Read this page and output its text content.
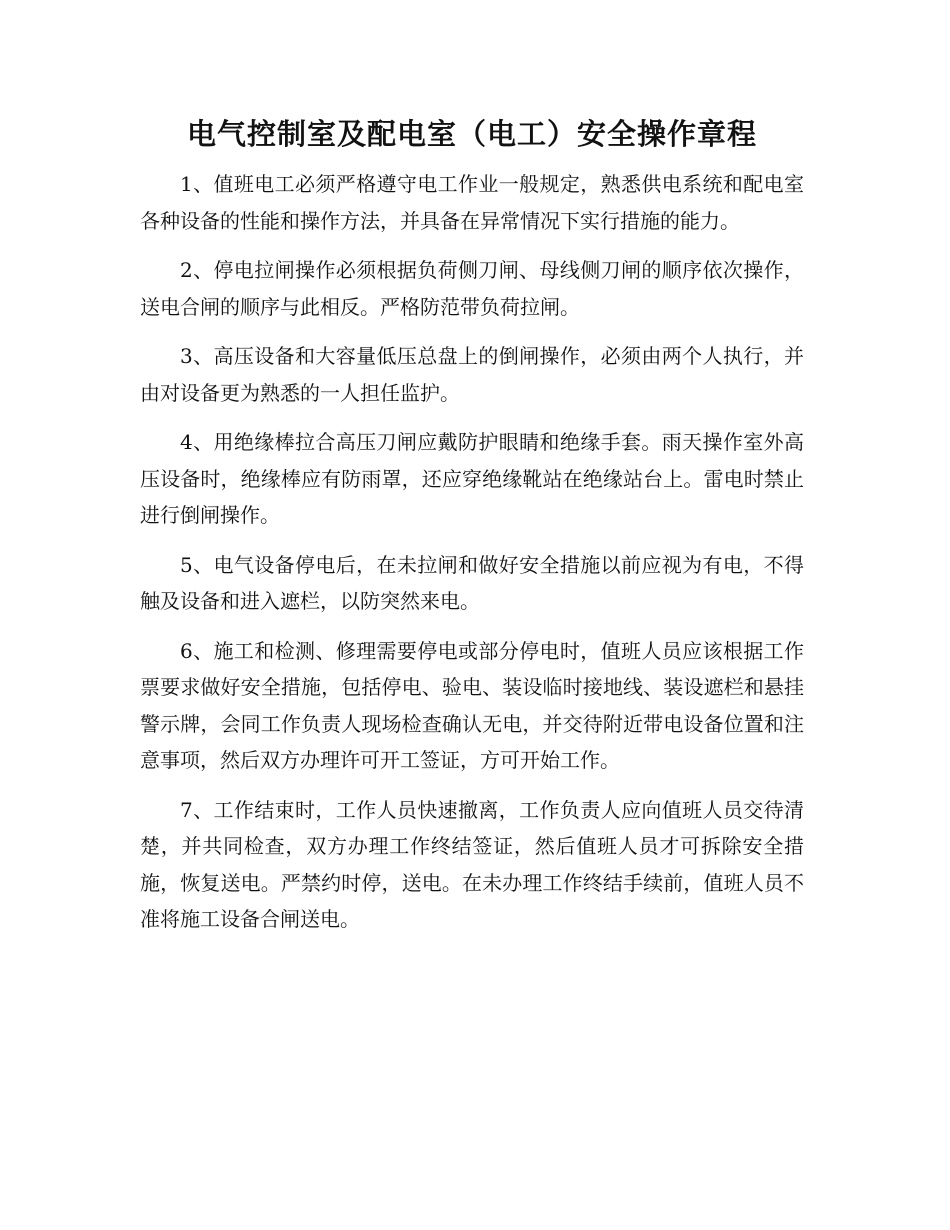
电气控制室及配电室（电工）安全操作章程

1、值班电工必须严格遵守电工作业一般规定，熟悉供电系统和配电室各种设备的性能和操作方法，并具备在异常情况下实行措施的能力。

2、停电拉闸操作必须根据负荷侧刀闸、母线侧刀闸的顺序依次操作，送电合闸的顺序与此相反。严格防范带负荷拉闸。

3、高压设备和大容量低压总盘上的倒闸操作，必须由两个人执行，并由对设备更为熟悉的一人担任监护。

4、用绝缘棒拉合高压刀闸应戴防护眼睛和绝缘手套。雨天操作室外高压设备时，绝缘棒应有防雨罩，还应穿绝缘靴站在绝缘站台上。雷电时禁止进行倒闸操作。

5、电气设备停电后，在未拉闸和做好安全措施以前应视为有电，不得触及设备和进入遮栏，以防突然来电。

6、施工和检测、修理需要停电或部分停电时，值班人员应该根据工作票要求做好安全措施，包括停电、验电、装设临时接地线、装设遮栏和悬挂警示牌，会同工作负责人现场检查确认无电，并交待附近带电设备位置和注意事项，然后双方办理许可开工签证，方可开始工作。

7、工作结束时，工作人员快速撤离，工作负责人应向值班人员交待清楚，并共同检查，双方办理工作终结签证，然后值班人员才可拆除安全措施，恢复送电。严禁约时停，送电。在未办理工作终结手续前，值班人员不准将施工设备合闸送电。
